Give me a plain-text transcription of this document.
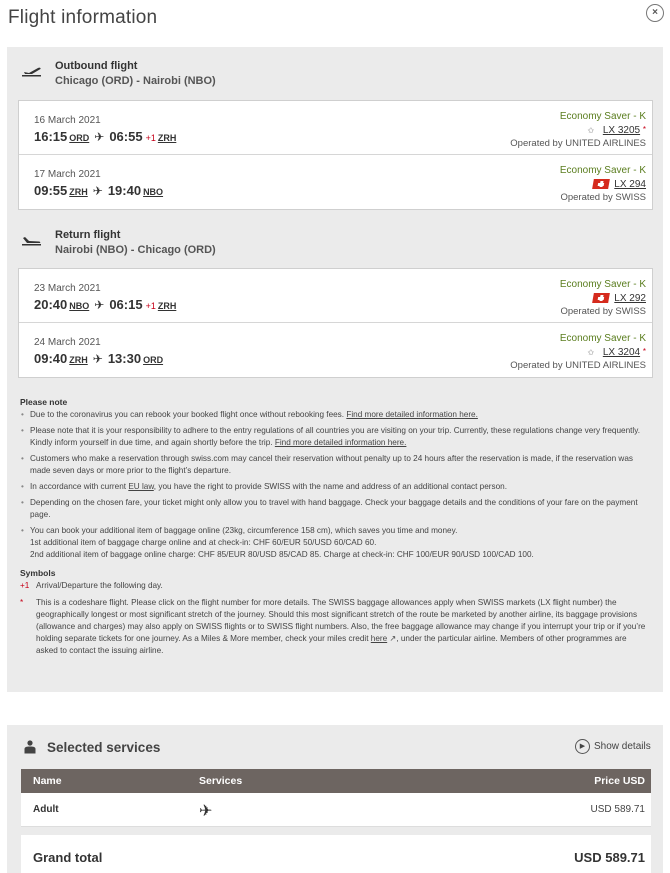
Flight information	×
Outbound flight
Chicago (ORD) - Nairobi (NBO)
16 March 2021
16:15 ORD ✈ 06:55 +1 ZRH
Economy Saver - K
✩ LX 3205 *
Operated by UNITED AIRLINES
17 March 2021
09:55 ZRH ✈ 19:40 NBO
Economy Saver - K
LX 294
Operated by SWISS
Return flight
Nairobi (NBO) - Chicago (ORD)
23 March 2021
20:40 NBO ✈ 06:15 +1 ZRH
Economy Saver - K
LX 292
Operated by SWISS
24 March 2021
09:40 ZRH ✈ 13:30 ORD
Economy Saver - K
✩ LX 3204 *
Operated by UNITED AIRLINES
Please note
• Due to the coronavirus you can rebook your booked flight once without rebooking fees. Find more detailed information here.
• Please note that it is your responsibility to adhere to the entry regulations of all countries you are visiting on your trip. Currently, these regulations change very frequently. Kindly inform yourself in due time, and again shortly before the trip. Find more detailed information here.
• Customers who make a reservation through swiss.com may cancel their reservation without penalty up to 24 hours after the reservation is made, if the reservation was made seven days or more prior to the flight’s departure.
• In accordance with current EU law, you have the right to provide SWISS with the name and address of an additional contact person.
• Depending on the chosen fare, your ticket might only allow you to travel with hand baggage. Check your baggage details and the conditions of your fare on the payment page.
• You can book your additional item of baggage online (23kg, circumference 158 cm), which saves you time and money.
1st additional item of baggage charge online and at check-in: CHF 60/EUR 50/USD 60/CAD 60.
2nd additional item of baggage online charge: CHF 85/EUR 80/USD 85/CAD 85. Charge at check-in: CHF 100/EUR 90/USD 100/CAD 100.
Symbols
+1 Arrival/Departure the following day.
* This is a codeshare flight. Please click on the flight number for more details. The SWISS baggage allowances apply when SWISS markets (LX flight number) the geographically longest or most significant stretch of the journey. Should this most significant stretch of the route be marketed by another airline, its baggage provisions (allowance and charges) may also apply on SWISS flights or to SWISS flight numbers. Also, the free baggage allowance may change if you interrupt your trip or if you’re holding separate tickets for one journey. As a Miles & More member, check your miles credit here ↗, under the particular airline. Members of other programmes are asked to contact the issuing airline.
Selected services	▶ Show details
Name	Services	Price USD
Adult	✈	USD 589.71
Grand total	USD 589.71
